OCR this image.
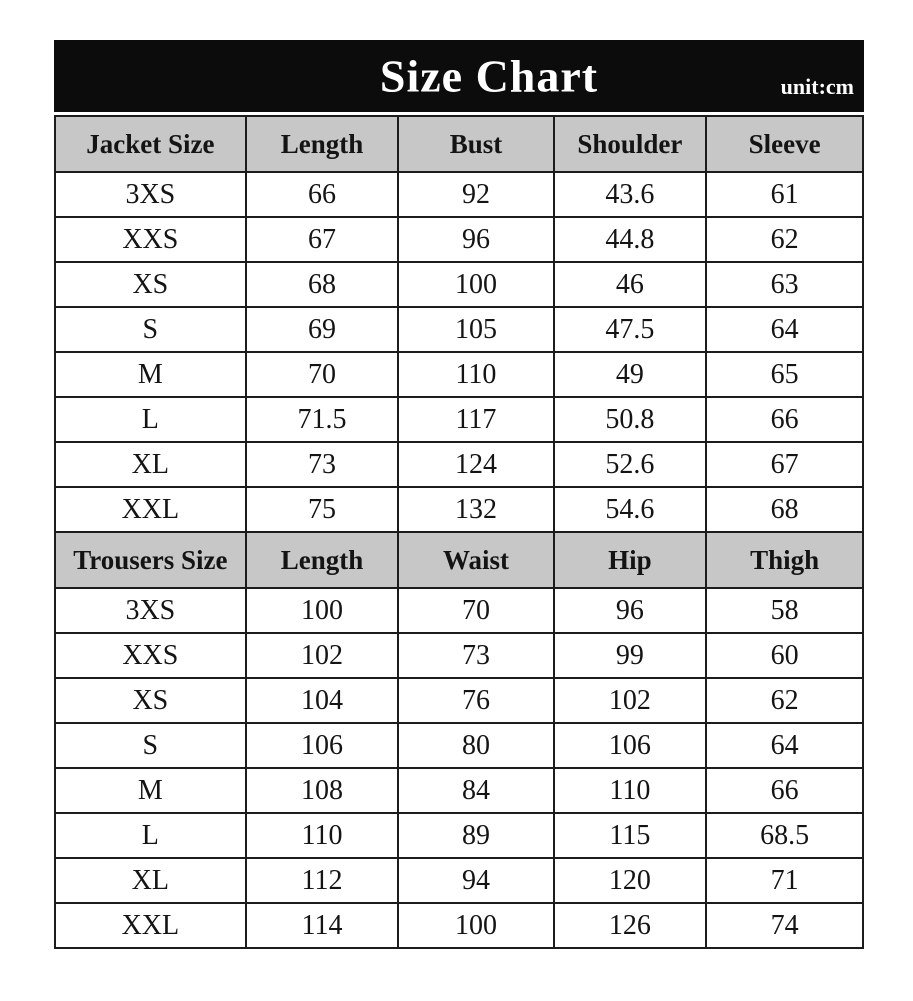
Size Chart	unit:cm
Jacket Size	Length	Bust	Shoulder	Sleeve
3XS	66	92	43.6	61
XXS	67	96	44.8	62
XS	68	100	46	63
S	69	105	47.5	64
M	70	110	49	65
L	71.5	117	50.8	66
XL	73	124	52.6	67
XXL	75	132	54.6	68
Trousers Size	Length	Waist	Hip	Thigh
3XS	100	70	96	58
XXS	102	73	99	60
XS	104	76	102	62
S	106	80	106	64
M	108	84	110	66
L	110	89	115	68.5
XL	112	94	120	71
XXL	114	100	126	74
